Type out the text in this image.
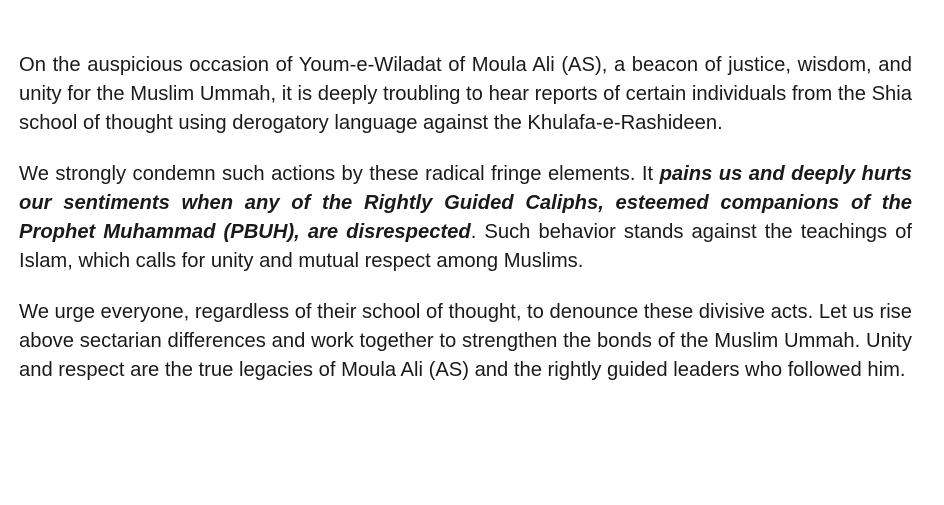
On the auspicious occasion of Youm-e-Wiladat of Moula Ali (AS), a beacon of justice, wisdom, and unity for the Muslim Ummah, it is deeply troubling to hear reports of certain individuals from the Shia school of thought using derogatory language against the Khulafa-e-Rashideen.

We strongly condemn such actions by these radical fringe elements. It pains us and deeply hurts our sentiments when any of the Rightly Guided Caliphs, esteemed companions of the Prophet Muhammad (PBUH), are disrespected. Such behavior stands against the teachings of Islam, which calls for unity and mutual respect among Muslims.

We urge everyone, regardless of their school of thought, to denounce these divisive acts. Let us rise above sectarian differences and work together to strengthen the bonds of the Muslim Ummah. Unity and respect are the true legacies of Moula Ali (AS) and the rightly guided leaders who followed him.
